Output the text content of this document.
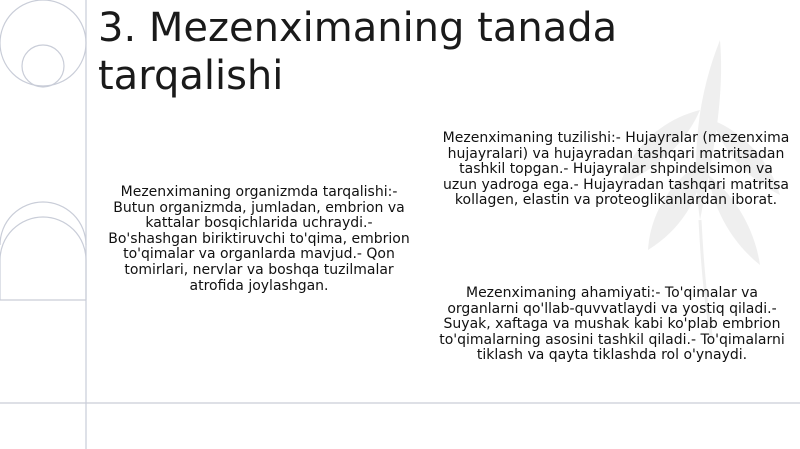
3. Mezenximaning tanada tarqalishi
Mezenximaning organizmda tarqalishi:- Butun organizmda, jumladan, embrion va kattalar bosqichlarida uchraydi.- Bo'shashgan biriktiruvchi to'qima, embrion to'qimalar va organlarda mavjud.- Qon tomirlari, nervlar va boshqa tuzilmalar atrofida joylashgan.
Mezenximaning tuzilishi:- Hujayralar (mezenxima hujayralari) va hujayradan tashqari matritsadan tashkil topgan.- Hujayralar shpindelsimon va uzun yadroga ega.- Hujayradan tashqari matritsa kollagen, elastin va proteoglikanlardan iborat.
Mezenximaning ahamiyati:- To'qimalar va organlarni qo'llab-quvvatlaydi va yostiq qiladi.- Suyak, xaftaga va mushak kabi ko'plab embrion to'qimalarning asosini tashkil qiladi.- To'qimalarni tiklash va qayta tiklashda rol o'ynaydi.
